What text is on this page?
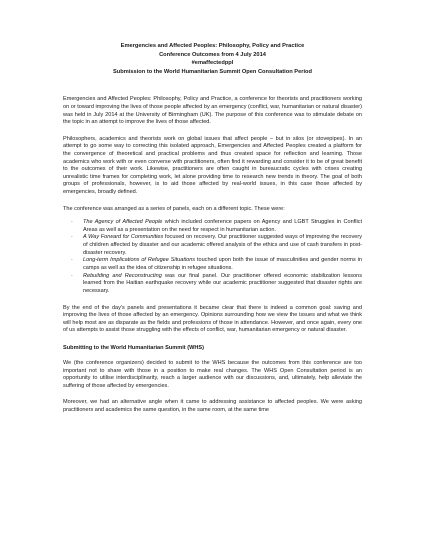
Emergencies and Affected Peoples: Philosophy, Policy and Practice
Conference Outcomes from 4 July 2014
#emaffectedppl
Submission to the World Humanitarian Summit Open Consultation Period

Emergencies and Affected Peoples: Philosophy, Policy and Practice, a conference for theorists and practitioners working on or toward improving the lives of those people affected by an emergency (conflict, war, humanitarian or natural disaster) was held in July 2014 at the University of Birmingham (UK). The purpose of this conference was to stimulate debate on the topic in an attempt to improve the lives of those affected.

Philosophers, academics and theorists work on global issues that affect people – but in silos (or stovepipes). In an attempt to go some way to correcting this isolated approach, Emergencies and Affected Peoples created a platform for the convergence of theoretical and practical problems and thus created space for reflection and learning. Those academics who work with or even converse with practitioners, often find it rewarding and consider it to be of great benefit to the outcomes of their work. Likewise, practitioners are often caught in bureaucratic cycles with crises creating unrealistic time frames for completing work, let alone providing time to research new trends in theory. The goal of both groups of professionals, however, is to aid those affected by real-world issues, in this case those affected by emergencies, broadly defined.

The conference was arranged as a series of panels, each on a different topic. These were:

· The Agency of Affected People which included conference papers on Agency and LGBT Struggles in Conflict Areas as well as a presentation on the need for respect in humanitarian action.
· A Way Forward for Communities focused on recovery. Our practitioner suggested ways of improving the recovery of children affected by disaster and our academic offered analysis of the ethics and use of cash transfers in post-disaster recovery.
· Long-term Implications of Refugee Situations touched upon both the issue of masculinities and gender norms in camps as well as the idea of citizenship in refugee situations.
· Rebuilding and Reconstructing was our final panel. Our practitioner offered economic stabilization lessons learned from the Haitian earthquake recovery while our academic practitioner suggested that disaster rights are necessary.

By the end of the day's panels and presentations it became clear that there is indeed a common goal: saving and improving the lives of those affected by an emergency. Opinions surrounding how we view the issues and what we think will help most are as disparate as the fields and professions of those in attendance. However, and once again, every one of us attempts to assist those struggling with the effects of conflict, war, humanitarian emergency or natural disaster.

Submitting to the World Humanitarian Summit (WHS)

We (the conference organizers) decided to submit to the WHS because the outcomes from this conference are too important not to share with those in a position to make real changes. The WHS Open Consultation period is an opportunity to utilise interdisciplinarity, reach a larger audience with our discussions, and, ultimately, help alleviate the suffering of those affected by emergencies.

Moreover, we had an alternative angle when it came to addressing assistance to affected peoples. We were asking practitioners and academics the same question, in the same room, at the same time
